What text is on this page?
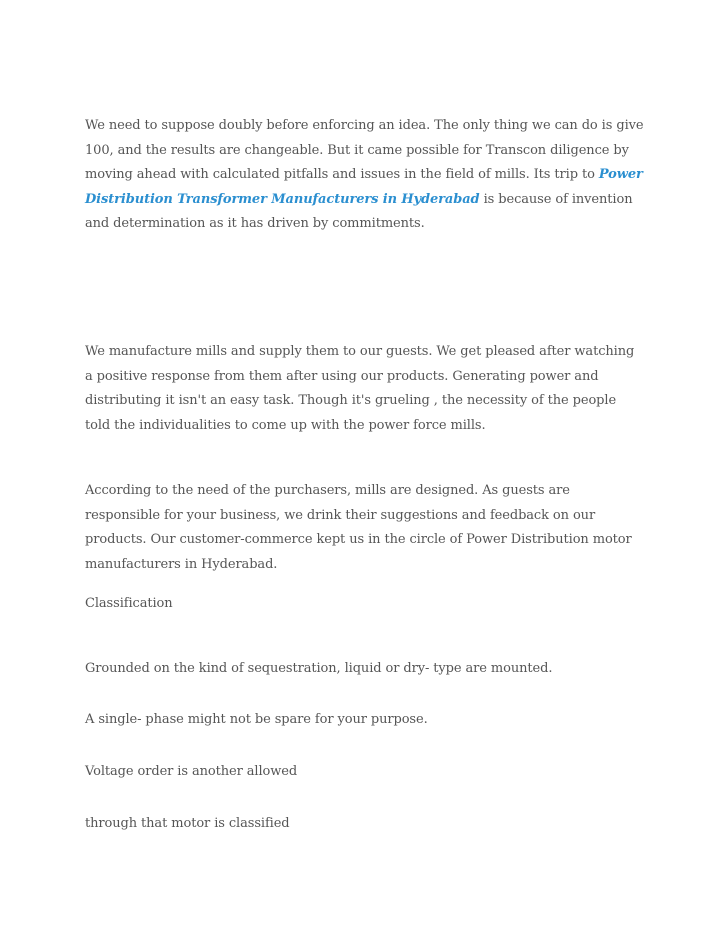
We need to suppose doubly before enforcing an idea. The only thing we can do is give 100, and the results are changeable. But it came possible for Transcon diligence by moving ahead with calculated pitfalls and issues in the field of mills. Its trip to Power Distribution Transformer Manufacturers in Hyderabad is because of invention and determination as it has driven by commitments.

We manufacture mills and supply them to our guests. We get pleased after watching a positive response from them after using our products. Generating power and distributing it isn't an easy task. Though it's grueling , the necessity of the people told the individualities to come up with the power force mills.

According to the need of the purchasers, mills are designed. As guests are responsible for your business, we drink their suggestions and feedback on our products. Our customer-commerce kept us in the circle of Power Distribution motor manufacturers in Hyderabad.

Classification

Grounded on the kind of sequestration, liquid or dry- type are mounted.

A single- phase might not be spare for your purpose.

Voltage order is another allowed

through that motor is classified
